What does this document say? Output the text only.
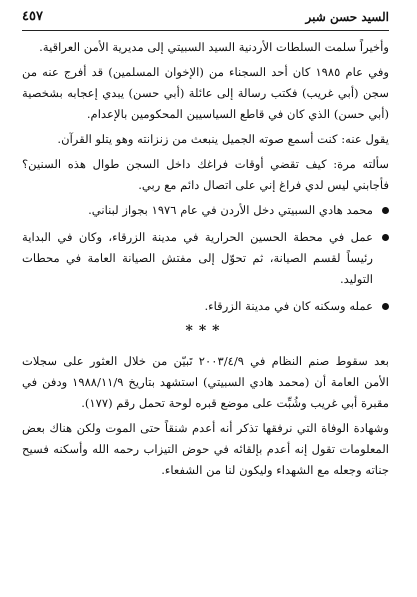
السيد حسن شبر
٤٥٧

وأخيراً سلمت السلطات الأردنية السيد السبيتي إلى مديرية الأمن العراقية.

وفي عام ١٩٨٥ كان أحد السجناء من (الإخوان المسلمين) قد أفرج عنه من سجن (أبي غريب) فكتب رسالة إلى عائلة (أبي حسن) يبدي إعجابه بشخصية (أبي حسن) الذي كان في قاطع السياسيين المحكومين بالإعدام.

يقول عنه: كنت أسمع صوته الجميل ينبعث من زنزانته وهو يتلو القرآن.

سألته مرة: كيف تقضي أوقات فراغك داخل السجن طوال هذه السنين؟ فأجابني ليس لدي فراغ إني على اتصال دائم مع ربي.

محمد هادي السبيتي دخل الأردن في عام ١٩٧٦ بجواز لبناني.
عمل في محطة الحسين الحرارية في مدينة الزرقاء، وكان في البداية رئيساً لقسم الصيانة، ثم تحوّل إلى مفتش الصيانة العامة في محطات التوليد.
عمله وسكنه كان في مدينة الزرقاء.
***

بعد سقوط صنم النظام في ٢٠٠٣/٤/٩ تَبيّن من خلال العثور على سجلات الأمن العامة أن (محمد هادي السبيتي) استشهد بتاريخ ١٩٨٨/١١/٩ ودفن في مقبرة أبي غريب وشُبِّت على موضع قبره لوحة تحمل رقم (١٧٧).

وشهادة الوفاة التي نرفقها تذكر أنه أعدم شنقاً حتى الموت ولكن هناك بعض المعلومات تقول إنه أعدم بإلقائه في حوض التيزاب رحمه الله وأسكنه فسيح جناته وجعله مع الشهداء وليكون لنا من الشفعاء.
